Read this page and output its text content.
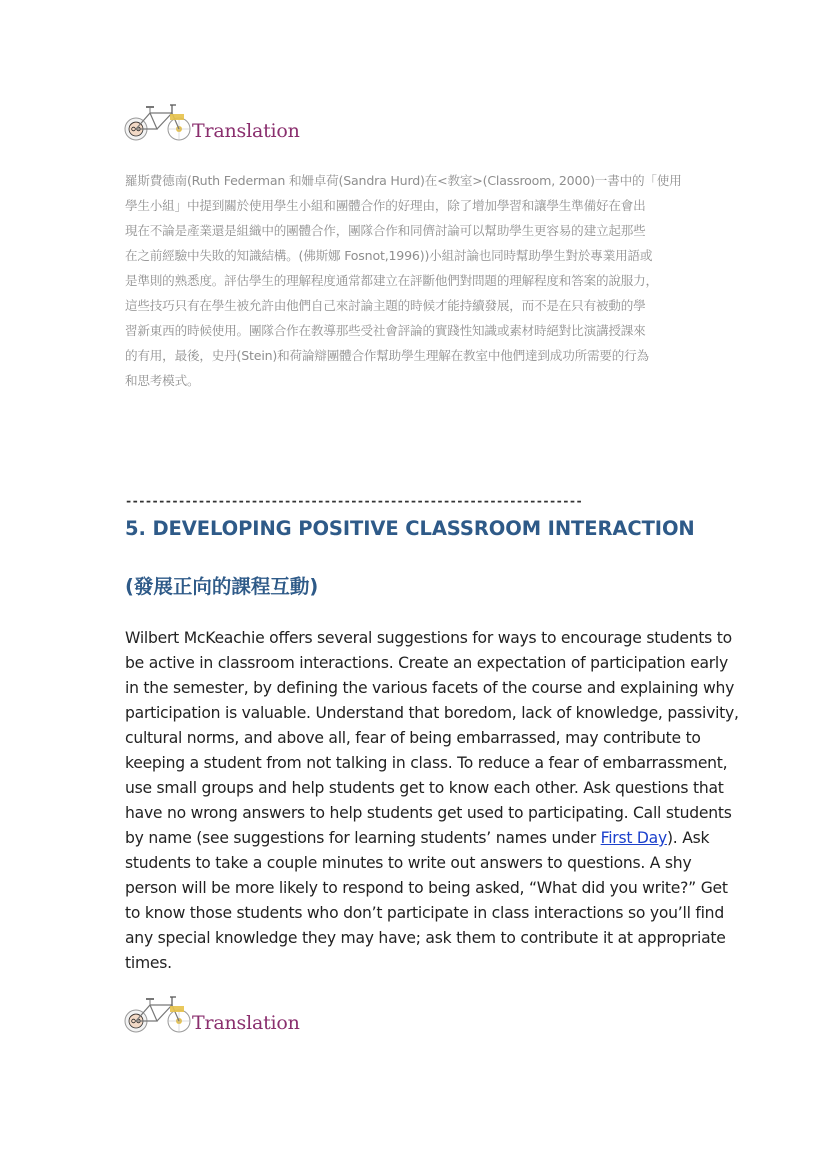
Translation
羅斯費德南(Ruth Federman 和姍卓荷(Sandra Hurd)在<教室>(Classroom, 2000)一書中的「使用
學生小組」中提到關於使用學生小組和團體合作的好理由，除了增加學習和讓學生準備好在會出
現在不論是產業還是組織中的團體合作，團隊合作和同儕討論可以幫助學生更容易的建立起那些
在之前經驗中失敗的知識結構。(佛斯娜 Fosnot,1996))小組討論也同時幫助學生對於專業用語或
是準則的熟悉度。評估學生的理解程度通常都建立在評斷他們對問題的理解程度和答案的說服力，
這些技巧只有在學生被允許由他們自己來討論主題的時候才能持續發展，而不是在只有被動的學
習新東西的時候使用。團隊合作在教導那些受社會評論的實踐性知識或素材時絕對比演講授課來
的有用，最後，史丹(Stein)和荷論辯團體合作幫助學生理解在教室中他們達到成功所需要的行為
和思考模式。
---------------------------------------------------------------------
5. DEVELOPING POSITIVE CLASSROOM INTERACTION
(發展正向的課程互動)
Wilbert McKeachie offers several suggestions for ways to encourage students to
be active in classroom interactions. Create an expectation of participation early
in the semester, by defining the various facets of the course and explaining why
participation is valuable. Understand that boredom, lack of knowledge, passivity,
cultural norms, and above all, fear of being embarrassed, may contribute to
keeping a student from not talking in class. To reduce a fear of embarrassment,
use small groups and help students get to know each other. Ask questions that
have no wrong answers to help students get used to participating. Call students
by name (see suggestions for learning students’ names under First Day). Ask
students to take a couple minutes to write out answers to questions. A shy
person will be more likely to respond to being asked, “What did you write?” Get
to know those students who don’t participate in class interactions so you’ll find
any special knowledge they may have; ask them to contribute it at appropriate
times.
Translation
